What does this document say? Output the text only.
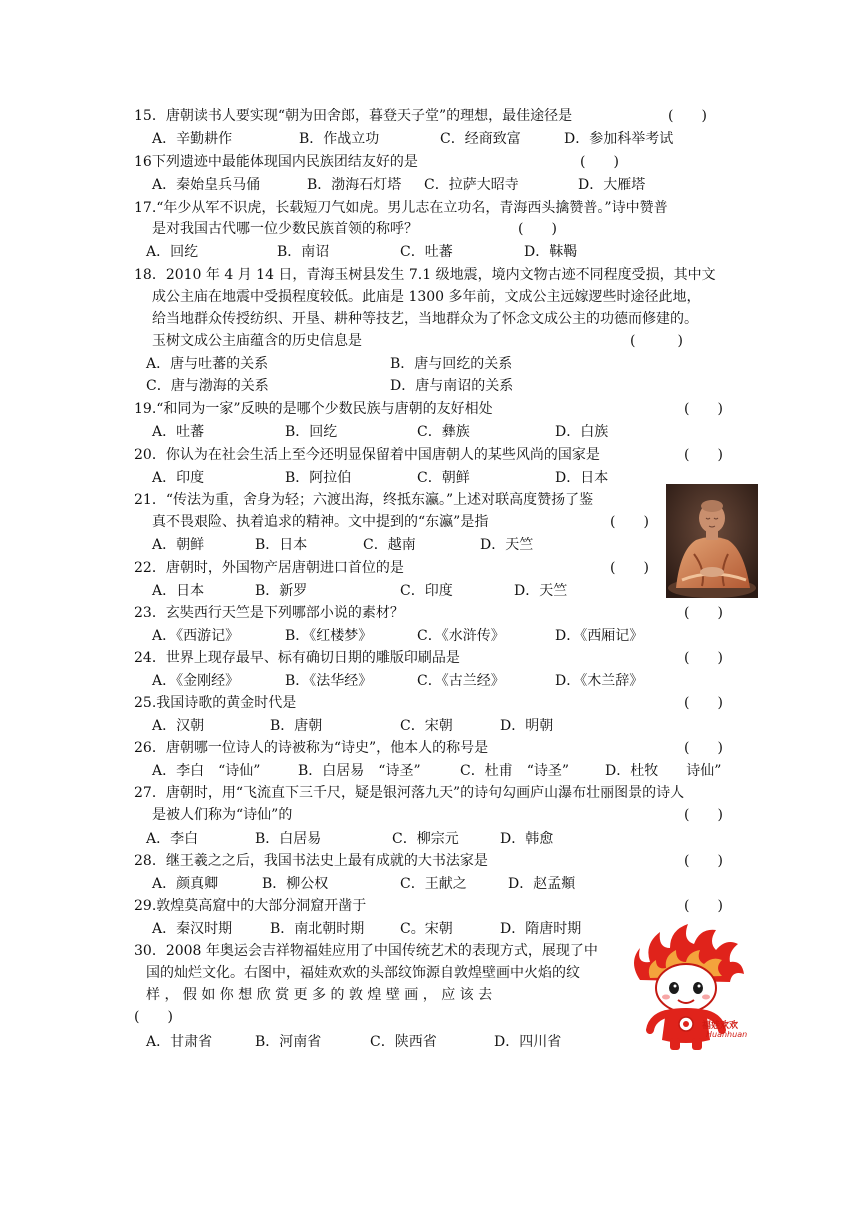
15．唐朝读书人要实现“朝为田舍郎，暮登天子堂”的理想，最佳途径是	(　　)
A．辛勤耕作	B．作战立功	C．经商致富	D．参加科举考试
16下列遗迹中最能体现国内民族团结友好的是	(　　)
A．秦始皇兵马俑	B．渤海石灯塔 C．拉萨大昭寺	D．大雁塔
17.“年少从军不识虎，长载短刀气如虎。男儿志在立功名，青海西头擒赞普。”诗中赞普
是对我国古代哪一位少数民族首领的称呼？	(　　)
A．回纥	B．南诏	C．吐蕃	D．靺鞨
18．2010 年 4 月 14 日，青海玉树县发生 7.1 级地震，境内文物古迹不同程度受损，其中文
成公主庙在地震中受损程度较低。此庙是 1300 多年前，文成公主远嫁逻些时途径此地，
给当地群众传授纺织、开垦、耕种等技艺，当地群众为了怀念文成公主的功德而修建的。
玉树文成公主庙蕴含的历史信息是	(　　　)
A．唐与吐蕃的关系	B．唐与回纥的关系
C．唐与渤海的关系	D．唐与南诏的关系
19.“和同为一家”反映的是哪个少数民族与唐朝的友好相处	(　　)
A．吐蕃	B．回纥	C．彝族	D．白族
20．你认为在社会生活上至今还明显保留着中国唐朝人的某些风尚的国家是	(　　)
A．印度	B．阿拉伯	C．朝鲜	D．日本
21．“传法为重，舍身为轻；六渡出海，终抵东瀛。”上述对联高度赞扬了鉴
真不畏艰险、执着追求的精神。文中提到的“东瀛”是指	(　　)
A．朝鲜	B．日本	C．越南	D．天竺
22．唐朝时，外国物产居唐朝进口首位的是	(　　)
A．日本	B．新罗	C．印度	D．天竺
23．玄奘西行天竺是下列哪部小说的素材？	(　　)
A．《西游记》	B．《红楼梦》	C．《水浒传》	D．《西厢记》
24．世界上现存最早、标有确切日期的雕版印刷品是	(　　)
A．《金刚经》	B．《法华经》	C．《古兰经》	D．《木兰辞》
25.我国诗歌的黄金时代是	(　　)
A．汉朝	B．唐朝	C．宋朝	D．明朝
26．唐朝哪一位诗人的诗被称为“诗史”，他本人的称号是	(　　)
A．李白　“诗仙”	B．白居易　“诗圣”	C．杜甫　“诗圣”	D．杜牧　　诗仙”
27．唐朝时，用“飞流直下三千尺，疑是银河落九天”的诗句勾画庐山瀑布壮丽图景的诗人
是被人们称为“诗仙”的	(　　)
A．李白	B．白居易	C．柳宗元	D．韩愈
28．继王羲之之后，我国书法史上最有成就的大书法家是	(　　)
A．颜真卿	B．柳公权	C．王献之	D．赵孟頫
29.敦煌莫高窟中的大部分洞窟开凿于	(　　)
A．秦汉时期	B．南北朝时期	C。宋朝	D．隋唐时期
30．2008 年奥运会吉祥物福娃应用了中国传统艺术的表现方式，展现了中
国的灿烂文化。右图中，福娃欢欢的头部纹饰源自敦煌壁画中火焰的纹
样 ， 假 如 你 想 欣 赏 更 多 的 敦 煌 壁 画 ， 应 该 去
(　　)
A．甘肃省	B．河南省	C．陕西省	D．四川省
福娃欢欢
Huanhuan
